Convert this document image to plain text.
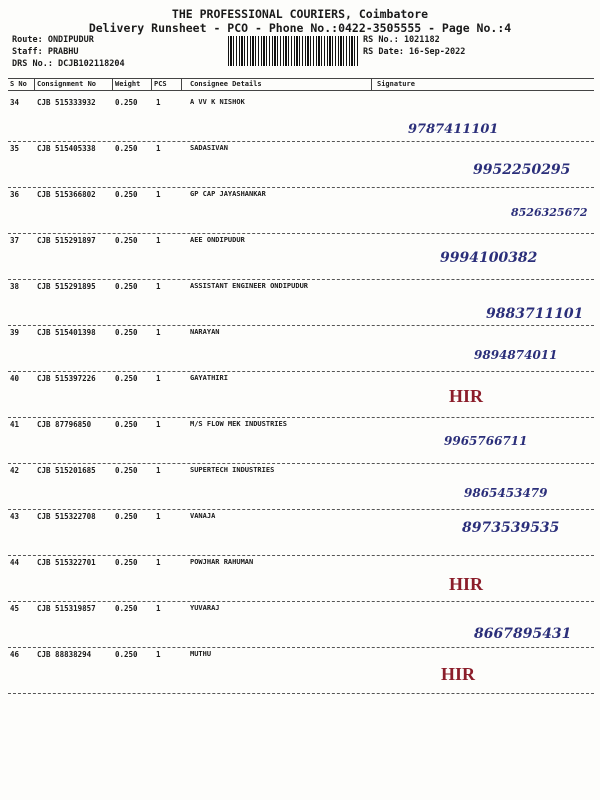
THE PROFESSIONAL COURIERS, Coimbatore
Delivery Runsheet - PCO - Phone No.:0422-3505555 - Page No.:4
Route: ONDIPUDUR
Staff: PRABHU
DRS No.: DCJB102118204
RS No.: 1021182
RS Date: 16-Sep-2022
S No Consignment No	Weight PCS	Consignee Details	Signature
34 CJB 515333932	0.250 1	A VV K NISHOK
9787411101
35 CJB 515405338	0.250 1	SADASIVAN
9952250295
36 CJB 515366802	0.250 1	GP CAP JAYASHANKAR
8526325672
37 CJB 515291897	0.250 1	AEE ONDIPUDUR
9994100382
38 CJB 515291895	0.250 1	ASSISTANT ENGINEER ONDIPUDUR
9883711101
39 CJB 515401398	0.250 1	NARAYAN
9894874011
40 CJB 515397226	0.250 1	GAYATHIRI
HIR
41 CJB 87796850	0.250 1	M/S FLOW MEK INDUSTRIES
9965766711
42 CJB 515201685	0.250 1	SUPERTECH INDUSTRIES
9865453479
43 CJB 515322708	0.250 1	VANAJA
8973539535
44 CJB 515322701	0.250 1	POWJHAR RAHUMAN
HIR
45 CJB 515319857	0.250 1	YUVARAJ
8667895431
46 CJB 88838294	0.250 1	MUTHU
HIR
